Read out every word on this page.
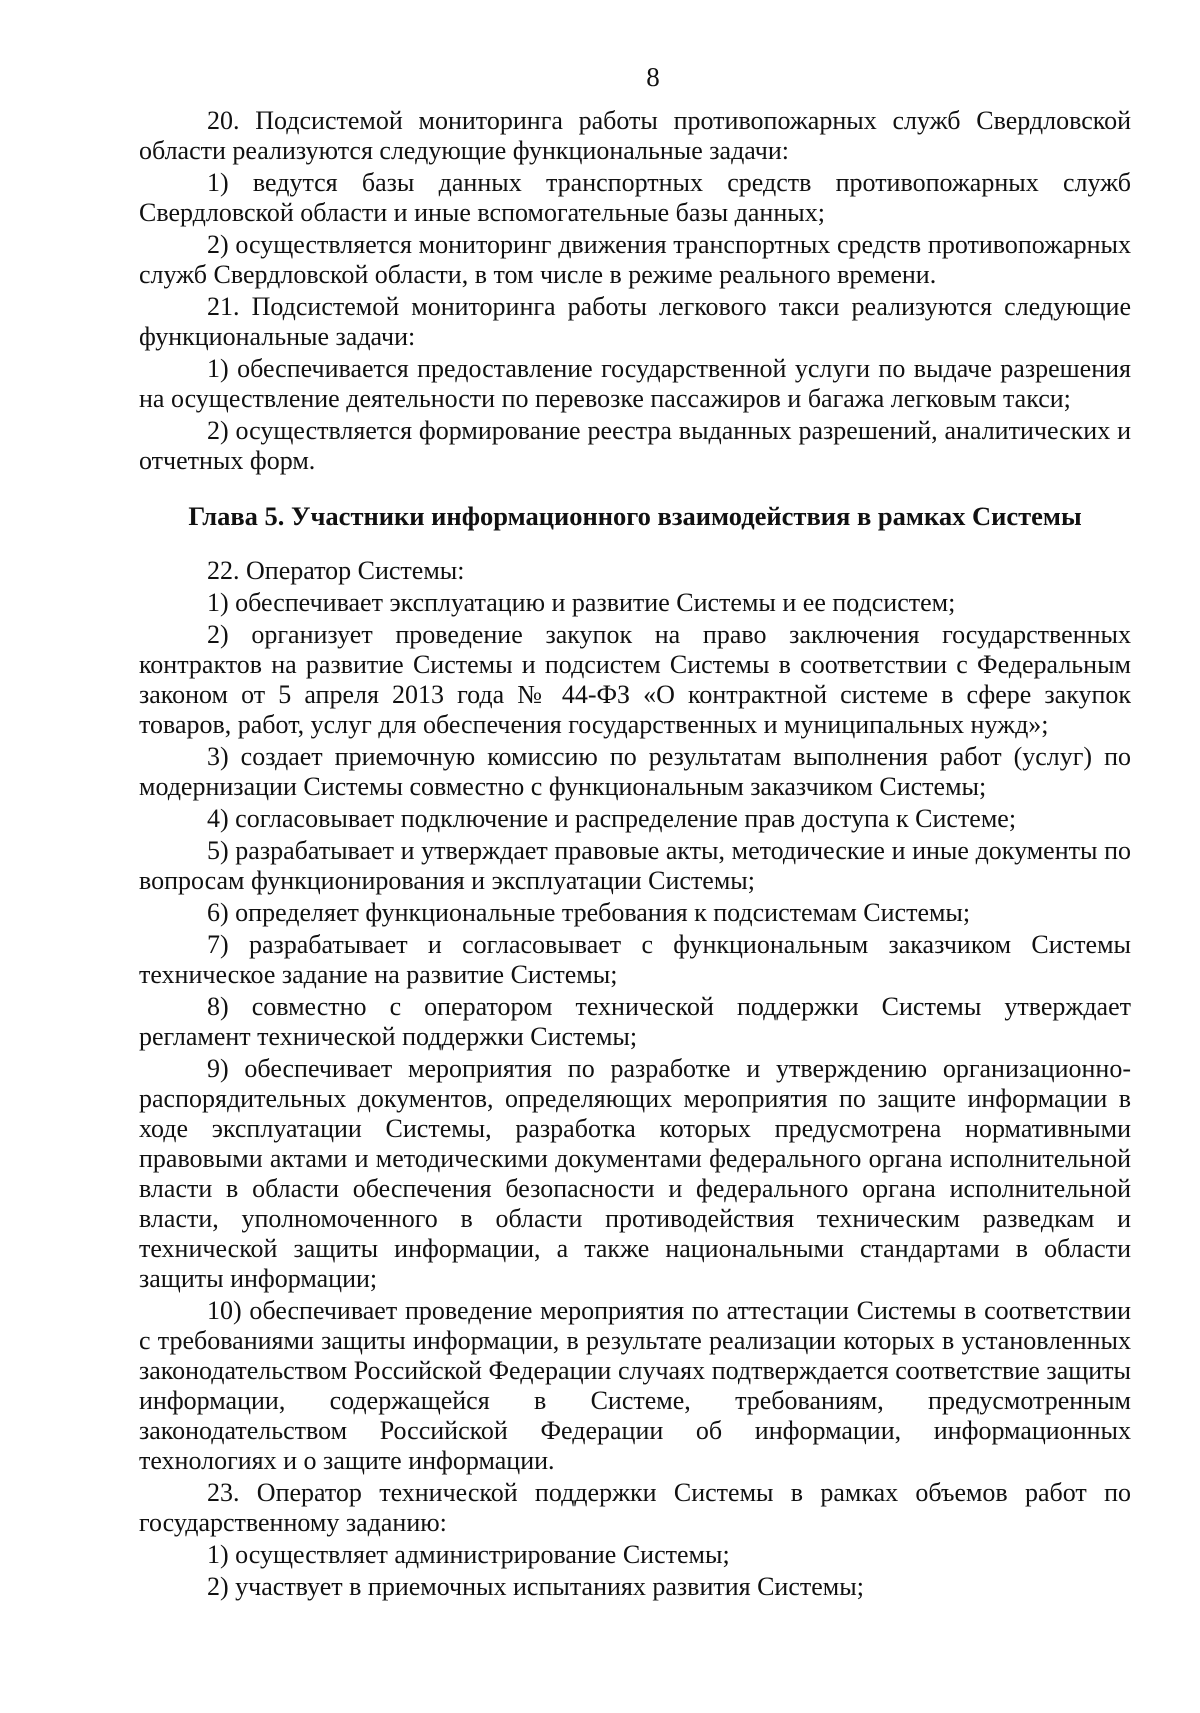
8

20. Подсистемой мониторинга работы противопожарных служб Свердловской области реализуются следующие функциональные задачи:

1) ведутся базы данных транспортных средств противопожарных служб Свердловской области и иные вспомогательные базы данных;

2) осуществляется мониторинг движения транспортных средств противопожарных служб Свердловской области, в том числе в режиме реального времени.

21. Подсистемой мониторинга работы легкового такси реализуются следующие функциональные задачи:

1) обеспечивается предоставление государственной услуги по выдаче разрешения на осуществление деятельности по перевозке пассажиров и багажа легковым такси;

2) осуществляется формирование реестра выданных разрешений, аналитических и отчетных форм.

Глава 5. Участники информационного взаимодействия в рамках Системы

22. Оператор Системы:

1) обеспечивает эксплуатацию и развитие Системы и ее подсистем;

2) организует проведение закупок на право заключения государственных контрактов на развитие Системы и подсистем Системы в соответствии с Федеральным законом от 5 апреля 2013 года № 44-ФЗ «О контрактной системе в сфере закупок товаров, работ, услуг для обеспечения государственных и муниципальных нужд»;

3) создает приемочную комиссию по результатам выполнения работ (услуг) по модернизации Системы совместно с функциональным заказчиком Системы;

4) согласовывает подключение и распределение прав доступа к Системе;

5) разрабатывает и утверждает правовые акты, методические и иные документы по вопросам функционирования и эксплуатации Системы;

6) определяет функциональные требования к подсистемам Системы;

7) разрабатывает и согласовывает с функциональным заказчиком Системы техническое задание на развитие Системы;

8) совместно с оператором технической поддержки Системы утверждает регламент технической поддержки Системы;

9) обеспечивает мероприятия по разработке и утверждению организационно-распорядительных документов, определяющих мероприятия по защите информации в ходе эксплуатации Системы, разработка которых предусмотрена нормативными правовыми актами и методическими документами федерального органа исполнительной власти в области обеспечения безопасности и федерального органа исполнительной власти, уполномоченного в области противодействия техническим разведкам и технической защиты информации, а также национальными стандартами в области защиты информации;

10) обеспечивает проведение мероприятия по аттестации Системы в соответствии с требованиями защиты информации, в результате реализации которых в установленных законодательством Российской Федерации случаях подтверждается соответствие защиты информации, содержащейся в Системе, требованиям, предусмотренным законодательством Российской Федерации об информации, информационных технологиях и о защите информации.

23. Оператор технической поддержки Системы в рамках объемов работ по государственному заданию:

1) осуществляет администрирование Системы;

2) участвует в приемочных испытаниях развития Системы;
